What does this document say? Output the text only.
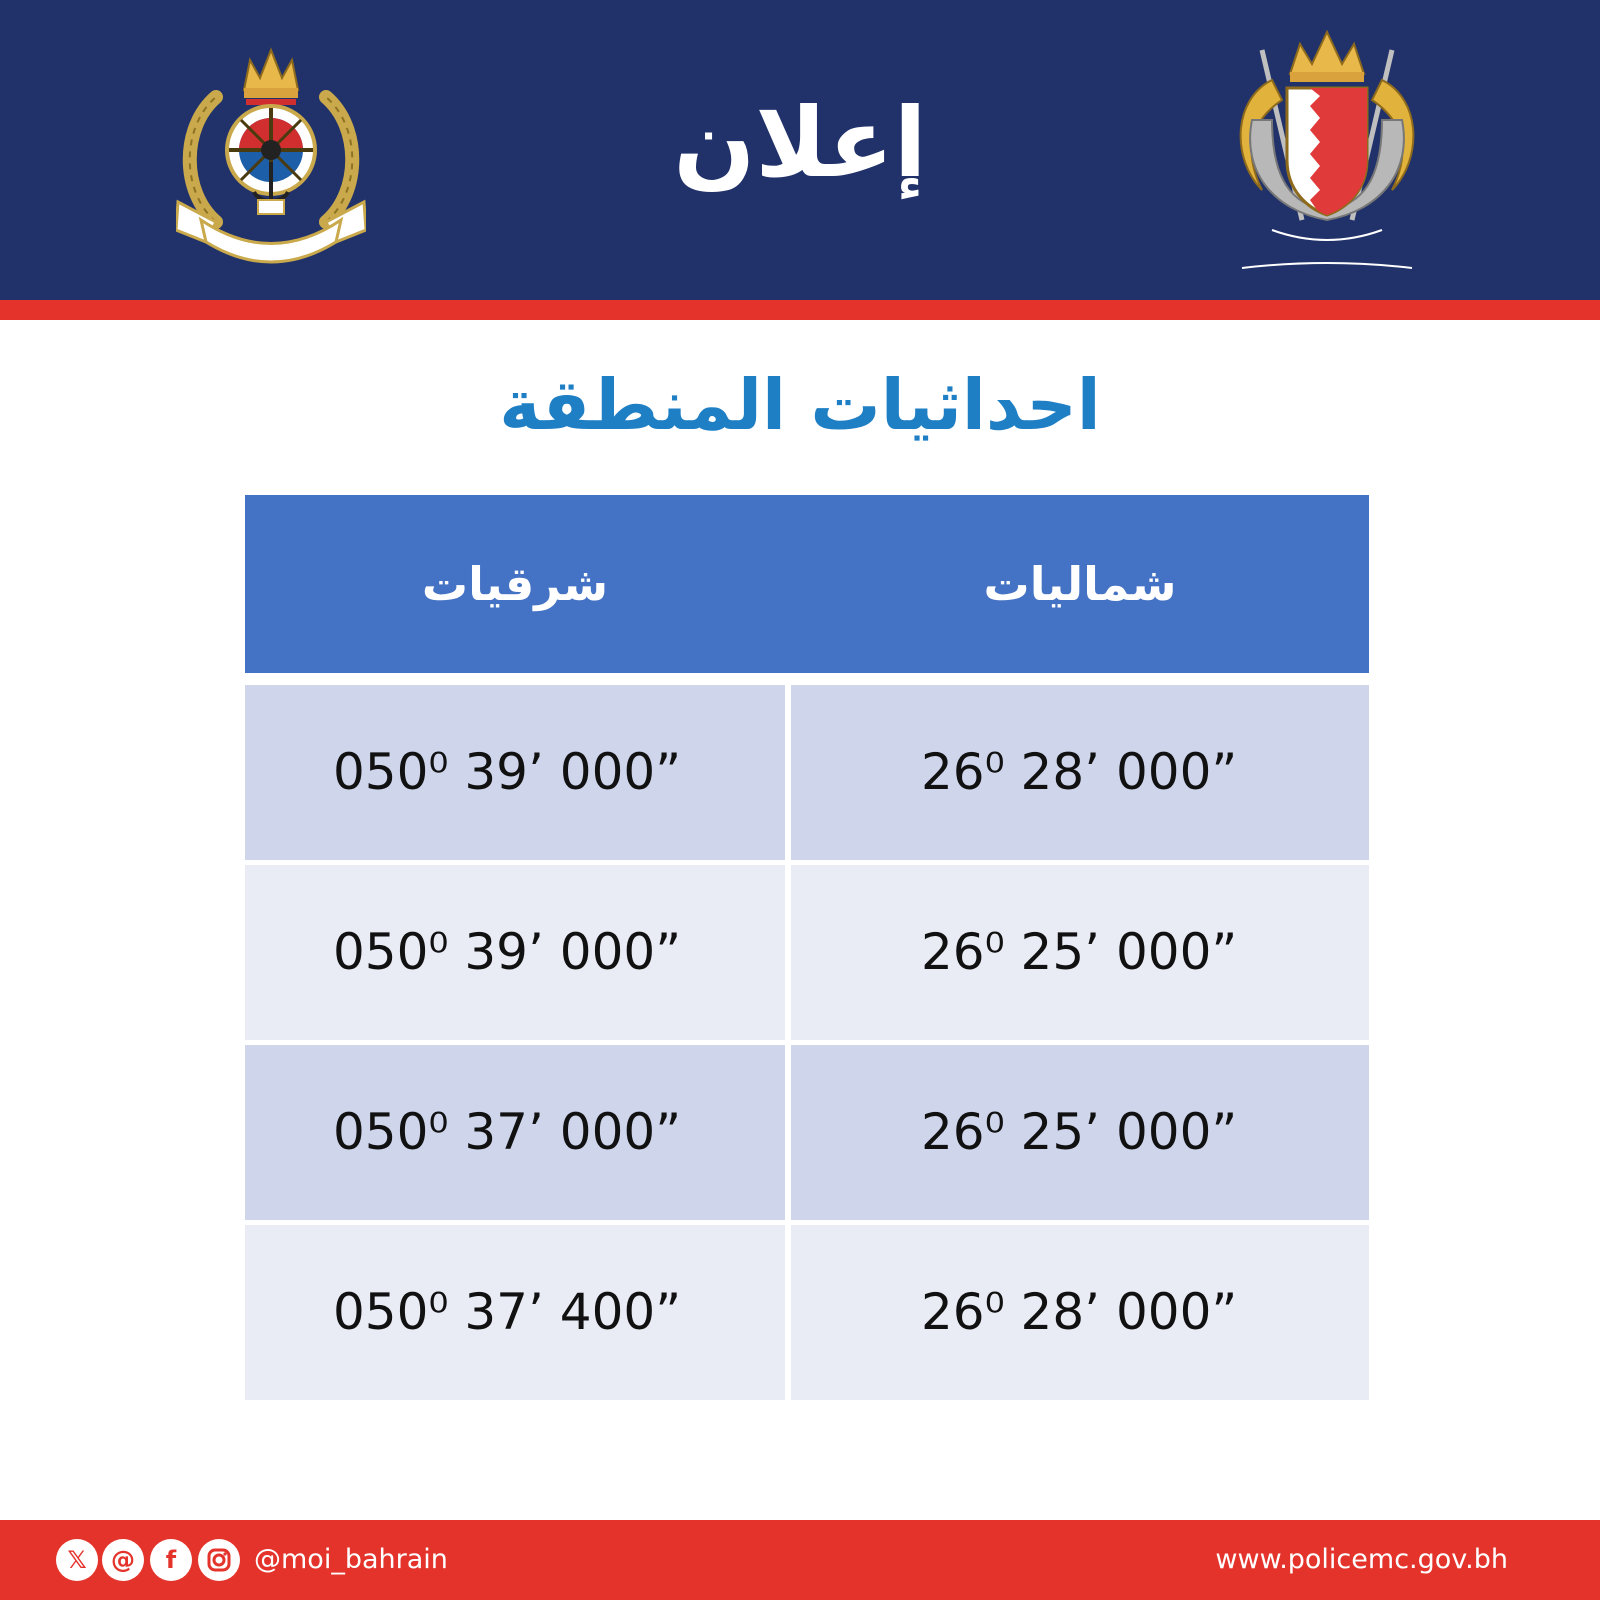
إعلان
احداثيات المنطقة
شرقيات	شماليات
050⁰ 39’ 000”	26⁰ 28’ 000”
050⁰ 39’ 000”	26⁰ 25’ 000”
050⁰ 37’ 000”	26⁰ 25’ 000”
050⁰ 37’ 400”	26⁰ 28’ 000”
𝕏	@	f	@moi_bahrain	www.policemc.gov.bh
